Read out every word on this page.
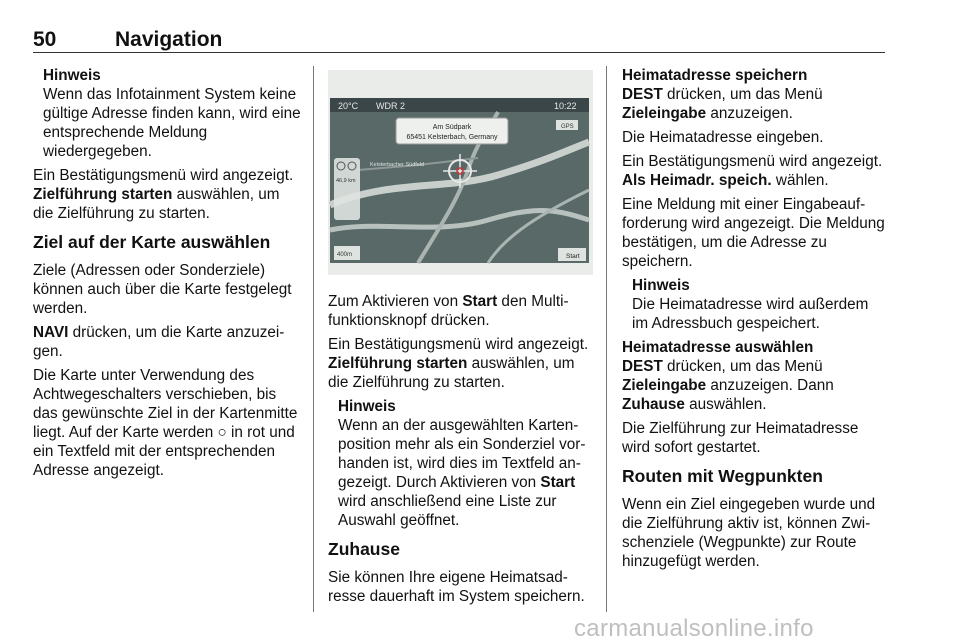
50	Navigation
Hinweis
Wenn das Infotainment System keine gültige Adresse finden kann, wird eine entsprechende Meldung wiedergegeben.

Ein Bestätigungsmenü wird angezeigt. Zielführung starten auswählen, um die Zielführung zu starten.

Ziel auf der Karte auswählen

Ziele (Adressen oder Sonderziele) können auch über die Karte festgelegt werden.

NAVI drücken, um die Karte anzuzeigen.

Die Karte unter Verwendung des Achtwegeschalters verschieben, bis das gewünschte Ziel in der Kartenmitte liegt. Auf der Karte werden ○ in rot und ein Textfeld mit der entsprechenden Adresse angezeigt.

20°C WDR 2	10:22
Am Südpark
65451 Kelsterbach, Germany
Kelsterbacher Südfeld
46,9 km
400m
GPS
Start

Zum Aktivieren von Start den Multifunktionsknopf drücken.

Ein Bestätigungsmenü wird angezeigt. Zielführung starten auswählen, um die Zielführung zu starten.

Hinweis
Wenn an der ausgewählten Kartenposition mehr als ein Sonderziel vorhanden ist, wird dies im Textfeld angezeigt. Durch Aktivieren von Start wird anschließend eine Liste zur Auswahl geöffnet.
Zuhause

Sie können Ihre eigene Heimatsadresse dauerhaft im System speichern.

Heimatadresse speichern

DEST drücken, um das Menü Zieleingabe anzuzeigen.

Die Heimatadresse eingeben.

Ein Bestätigungsmenü wird angezeigt. Als Heimadr. speich. wählen.

Eine Meldung mit einer Eingabeaufforderung wird angezeigt. Die Meldung bestätigen, um die Adresse zu speichern.

Hinweis
Die Heimatadresse wird außerdem im Adressbuch gespeichert.
Heimatadresse auswählen

DEST drücken, um das Menü Zieleingabe anzuzeigen. Dann Zuhause auswählen.

Die Zielführung zur Heimatadresse wird sofort gestartet.

Routen mit Wegpunkten

Wenn ein Ziel eingegeben wurde und die Zielführung aktiv ist, können Zwischenziele (Wegpunkte) zur Route hinzugefügt werden.

carmanualsonline.info
